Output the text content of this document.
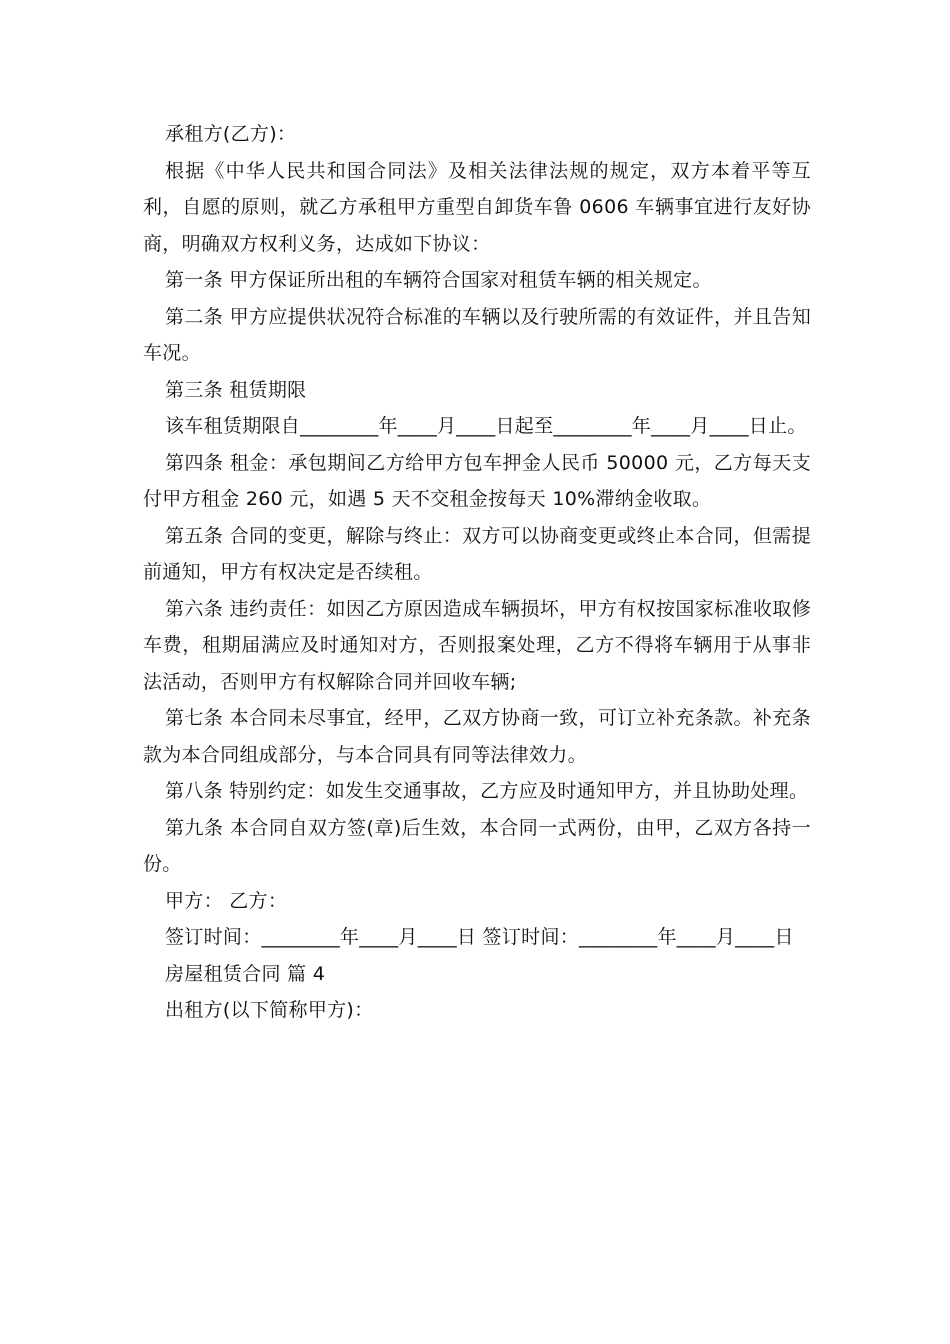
承租方(乙方)：

根据《中华人民共和国合同法》及相关法律法规的规定，双方本着平等互利，自愿的原则，就乙方承租甲方重型自卸货车鲁 0606 车辆事宜进行友好协商，明确双方权利义务，达成如下协议：

第一条 甲方保证所出租的车辆符合国家对租赁车辆的相关规定。

第二条 甲方应提供状况符合标准的车辆以及行驶所需的有效证件，并且告知车况。

第三条 租赁期限

该车租赁期限自________年____月____日起至________年____月____日止。

第四条 租金：承包期间乙方给甲方包车押金人民币 50000 元，乙方每天支付甲方租金 260 元，如遇 5 天不交租金按每天 10%滞纳金收取。

第五条 合同的变更，解除与终止：双方可以协商变更或终止本合同，但需提前通知，甲方有权决定是否续租。

第六条 违约责任：如因乙方原因造成车辆损坏，甲方有权按国家标准收取修车费，租期届满应及时通知对方，否则报案处理，乙方不得将车辆用于从事非法活动，否则甲方有权解除合同并回收车辆;

第七条 本合同未尽事宜，经甲，乙双方协商一致，可订立补充条款。补充条款为本合同组成部分，与本合同具有同等法律效力。

第八条 特别约定：如发生交通事故，乙方应及时通知甲方，并且协助处理。

第九条 本合同自双方签(章)后生效，本合同一式两份，由甲，乙双方各持一份。

甲方： 乙方：

签订时间：________年____月____日 签订时间：________年____月____日

房屋租赁合同 篇 4

出租方(以下简称甲方)：
